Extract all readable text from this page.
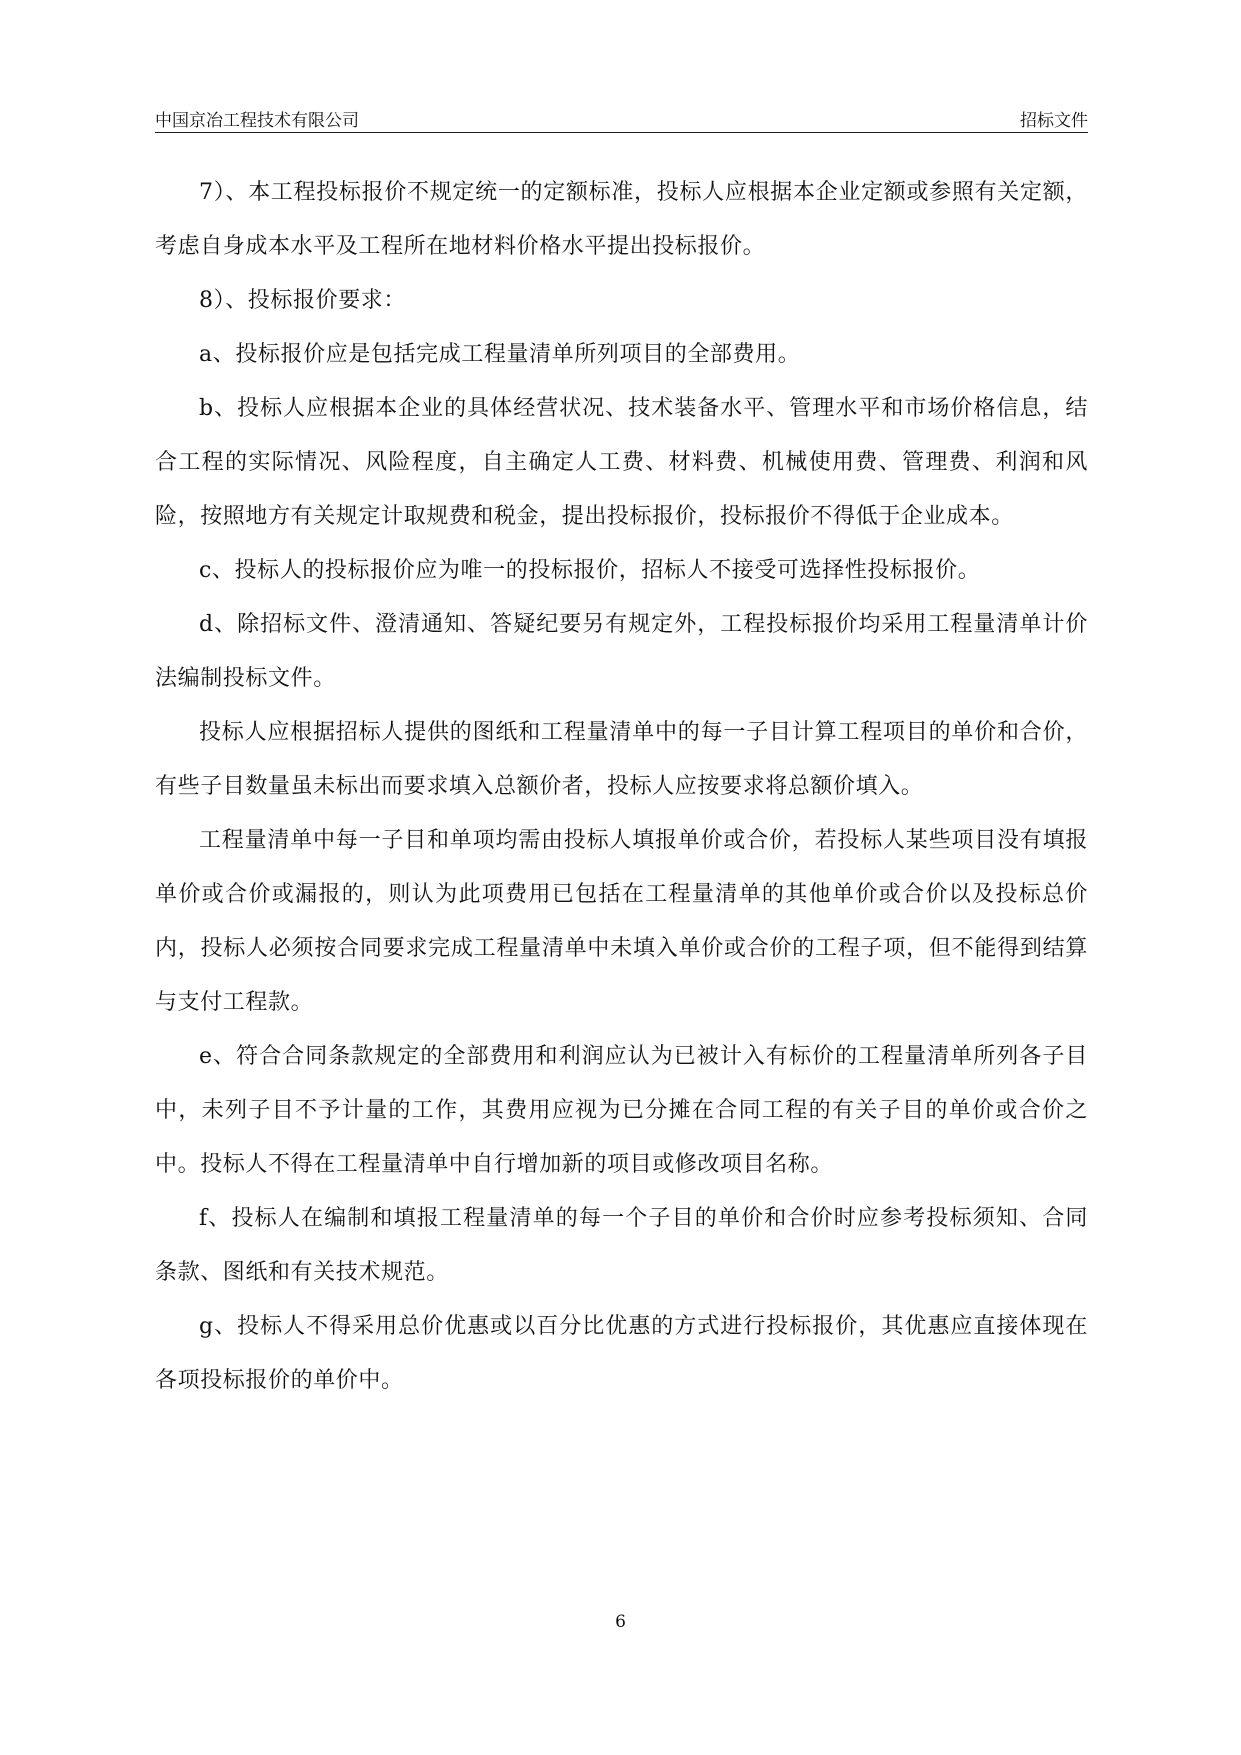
中国京冶工程技术有限公司	招标文件

7）、本工程投标报价不规定统一的定额标准，投标人应根据本企业定额或参照有关定额，考虑自身成本水平及工程所在地材料价格水平提出投标报价。

8）、投标报价要求：

a、投标报价应是包括完成工程量清单所列项目的全部费用。

b、投标人应根据本企业的具体经营状况、技术装备水平、管理水平和市场价格信息，结合工程的实际情况、风险程度，自主确定人工费、材料费、机械使用费、管理费、利润和风险，按照地方有关规定计取规费和税金，提出投标报价，投标报价不得低于企业成本。

c、投标人的投标报价应为唯一的投标报价，招标人不接受可选择性投标报价。

d、除招标文件、澄清通知、答疑纪要另有规定外，工程投标报价均采用工程量清单计价法编制投标文件。

投标人应根据招标人提供的图纸和工程量清单中的每一子目计算工程项目的单价和合价，有些子目数量虽未标出而要求填入总额价者，投标人应按要求将总额价填入。

工程量清单中每一子目和单项均需由投标人填报单价或合价，若投标人某些项目没有填报单价或合价或漏报的，则认为此项费用已包括在工程量清单的其他单价或合价以及投标总价内，投标人必须按合同要求完成工程量清单中未填入单价或合价的工程子项，但不能得到结算与支付工程款。

e、符合合同条款规定的全部费用和利润应认为已被计入有标价的工程量清单所列各子目中，未列子目不予计量的工作，其费用应视为已分摊在合同工程的有关子目的单价或合价之中。投标人不得在工程量清单中自行增加新的项目或修改项目名称。

f、投标人在编制和填报工程量清单的每一个子目的单价和合价时应参考投标须知、合同条款、图纸和有关技术规范。

g、投标人不得采用总价优惠或以百分比优惠的方式进行投标报价，其优惠应直接体现在各项投标报价的单价中。

6
